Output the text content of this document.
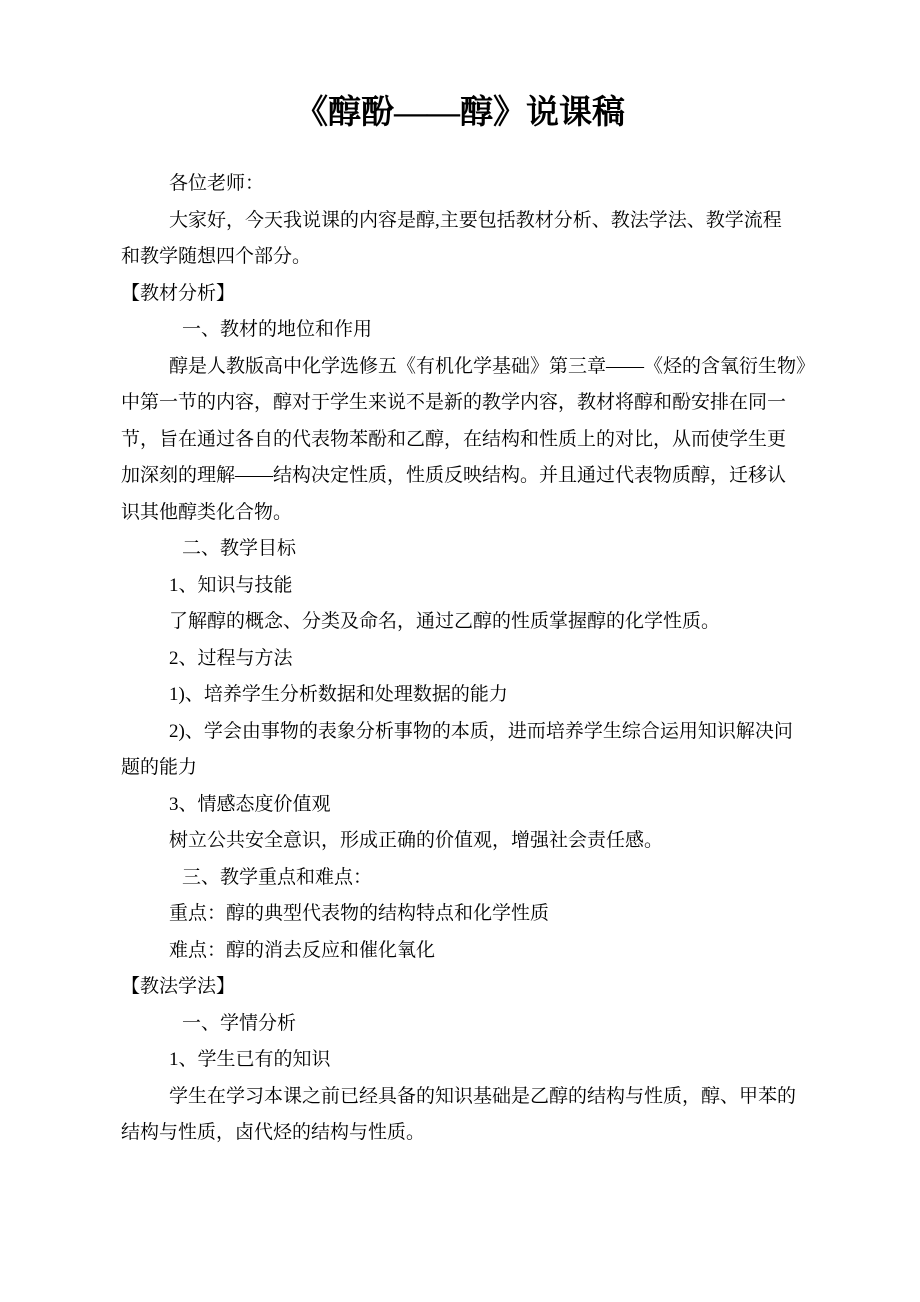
《醇酚——醇》说课稿
各位老师：
大家好，今天我说课的内容是醇,主要包括教材分析、教法学法、教学流程
和教学随想四个部分。
【教材分析】
一、教材的地位和作用
醇是人教版高中化学选修五《有机化学基础》第三章——《烃的含氧衍生物》
中第一节的内容，醇对于学生来说不是新的教学内容，教材将醇和酚安排在同一
节，旨在通过各自的代表物苯酚和乙醇，在结构和性质上的对比，从而使学生更
加深刻的理解——结构决定性质，性质反映结构。并且通过代表物质醇，迁移认
识其他醇类化合物。
二、教学目标
1、知识与技能
了解醇的概念、分类及命名，通过乙醇的性质掌握醇的化学性质。
2、过程与方法
1)、培养学生分析数据和处理数据的能力
2)、学会由事物的表象分析事物的本质，进而培养学生综合运用知识解决问
题的能力
3、情感态度价值观
树立公共安全意识，形成正确的价值观，增强社会责任感。
三、教学重点和难点：
重点：醇的典型代表物的结构特点和化学性质
难点：醇的消去反应和催化氧化
【教法学法】
一、学情分析
1、学生已有的知识
学生在学习本课之前已经具备的知识基础是乙醇的结构与性质，醇、甲苯的
结构与性质，卤代烃的结构与性质。
